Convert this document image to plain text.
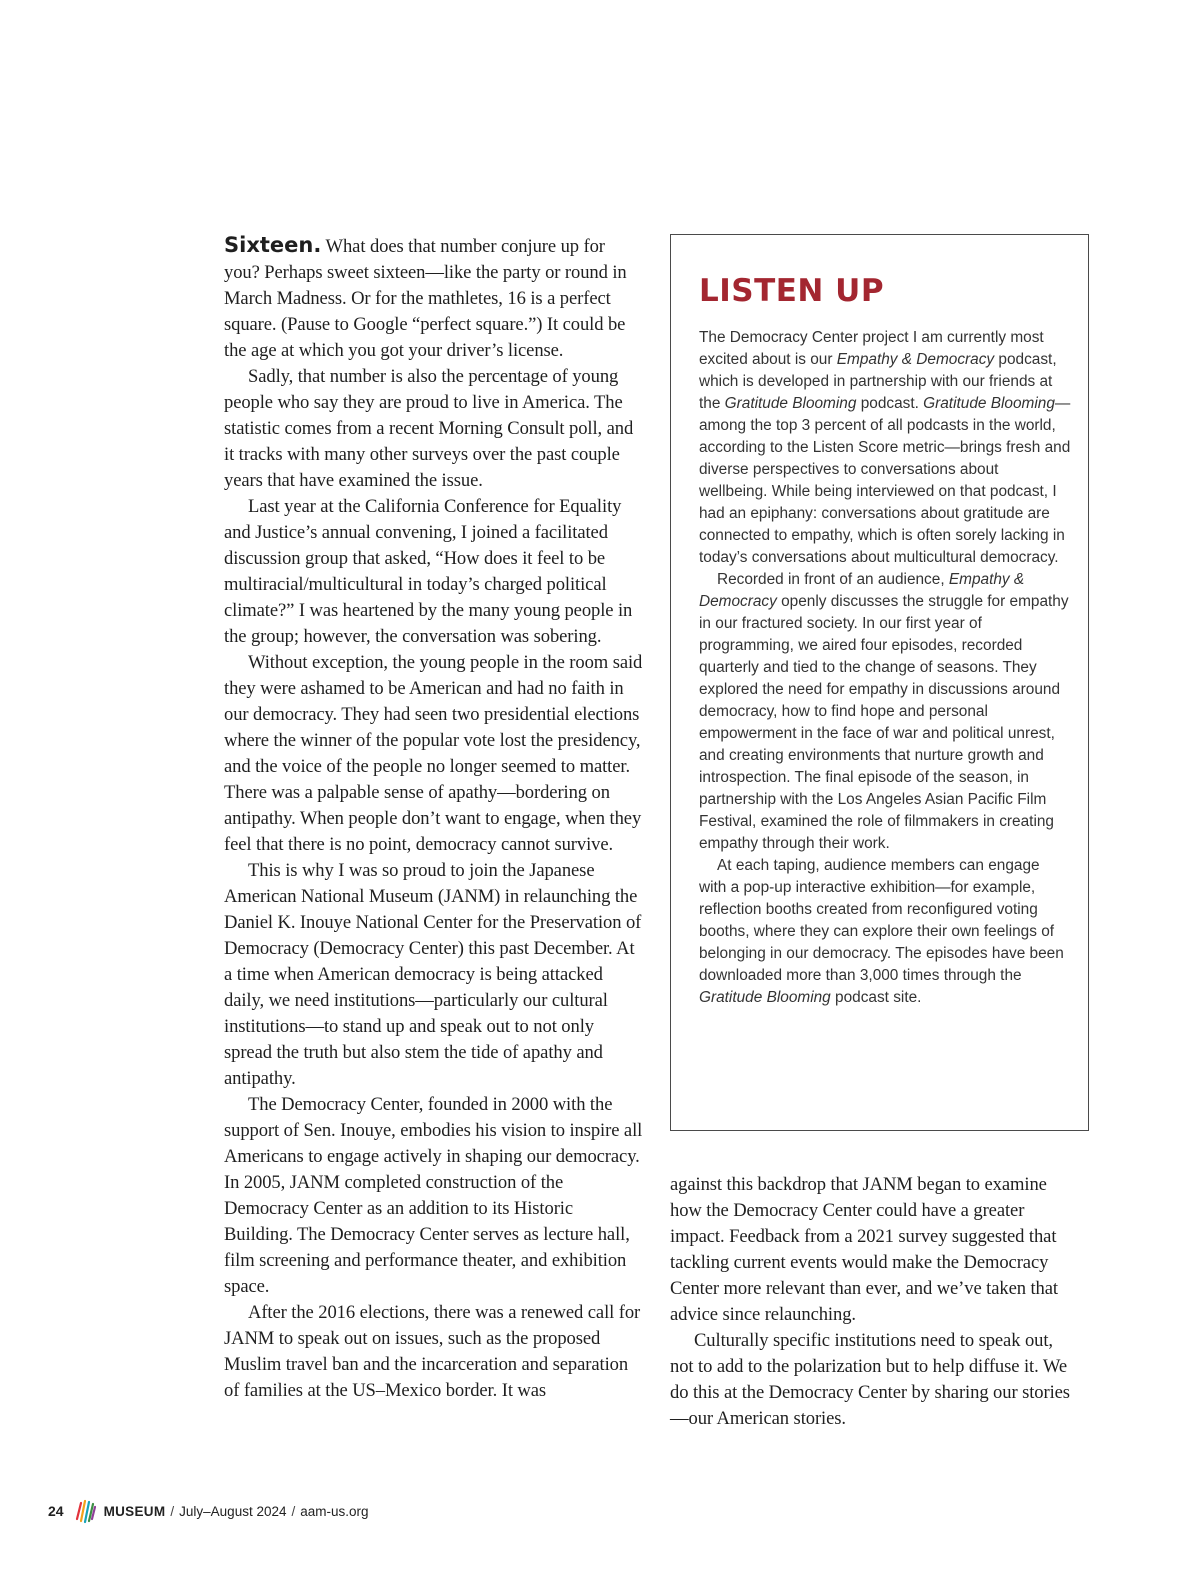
Sixteen. What does that number conjure up for you? Perhaps sweet sixteen—like the party or round in March Madness. Or for the mathletes, 16 is a perfect square. (Pause to Google “perfect square.”) It could be the age at which you got your driver’s license.

Sadly, that number is also the percentage of young people who say they are proud to live in America. The statistic comes from a recent Morning Consult poll, and it tracks with many other surveys over the past couple years that have examined the issue.

Last year at the California Conference for Equality and Justice’s annual convening, I joined a facilitated discussion group that asked, “How does it feel to be multiracial/multicultural in today’s charged political climate?” I was heartened by the many young people in the group; however, the conversation was sobering.

Without exception, the young people in the room said they were ashamed to be American and had no faith in our democracy. They had seen two presidential elections where the winner of the popular vote lost the presidency, and the voice of the people no longer seemed to matter. There was a palpable sense of apathy—bordering on antipathy. When people don’t want to engage, when they feel that there is no point, democracy cannot survive.

This is why I was so proud to join the Japanese American National Museum (JANM) in relaunching the Daniel K. Inouye National Center for the Preservation of Democracy (Democracy Center) this past December. At a time when American democracy is being attacked daily, we need institutions—particularly our cultural institutions—to stand up and speak out to not only spread the truth but also stem the tide of apathy and antipathy.

The Democracy Center, founded in 2000 with the support of Sen. Inouye, embodies his vision to inspire all Americans to engage actively in shaping our democracy. In 2005, JANM completed construction of the Democracy Center as an addition to its Historic Building. The Democracy Center serves as lecture hall, film screening and performance theater, and exhibition space.

After the 2016 elections, there was a renewed call for JANM to speak out on issues, such as the proposed Muslim travel ban and the incarceration and separation of families at the US–Mexico border. It was

LISTEN UP

The Democracy Center project I am currently most excited about is our Empathy & Democracy podcast, which is developed in partnership with our friends at the Gratitude Blooming podcast. Gratitude Blooming—among the top 3 percent of all podcasts in the world, according to the Listen Score metric—brings fresh and diverse perspectives to conversations about wellbeing. While being interviewed on that podcast, I had an epiphany: conversations about gratitude are connected to empathy, which is often sorely lacking in today’s conversations about multicultural democracy.

Recorded in front of an audience, Empathy & Democracy openly discusses the struggle for empathy in our fractured society. In our first year of programming, we aired four episodes, recorded quarterly and tied to the change of seasons. They explored the need for empathy in discussions around democracy, how to find hope and personal empowerment in the face of war and political unrest, and creating environments that nurture growth and introspection. The final episode of the season, in partnership with the Los Angeles Asian Pacific Film Festival, examined the role of filmmakers in creating empathy through their work.

At each taping, audience members can engage with a pop-up interactive exhibition—for example, reflection booths created from reconfigured voting booths, where they can explore their own feelings of belonging in our democracy. The episodes have been downloaded more than 3,000 times through the Gratitude Blooming podcast site.

against this backdrop that JANM began to examine how the Democracy Center could have a greater impact. Feedback from a 2021 survey suggested that tackling current events would make the Democracy Center more relevant than ever, and we’ve taken that advice since relaunching.

Culturally specific institutions need to speak out, not to add to the polarization but to help diffuse it. We do this at the Democracy Center by sharing our stories—our American stories.

24	MUSEUM / July–August 2024 / aam-us.org
